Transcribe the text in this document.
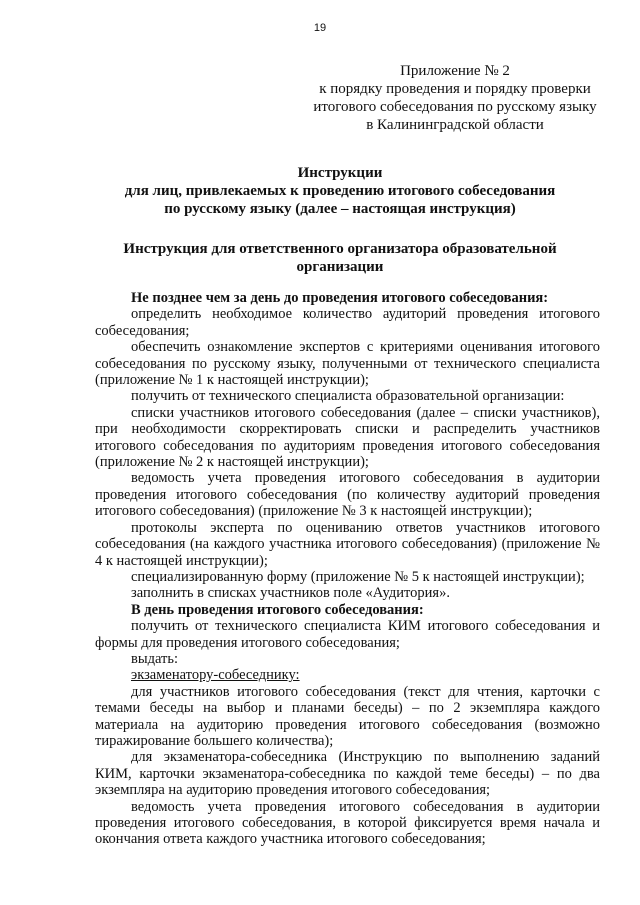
19
Приложение № 2
к порядку проведения и порядку проверки
итогового собеседования по русскому языку
в Калининградской области
Инструкции
для лиц, привлекаемых к проведению итогового собеседования
по русскому языку (далее – настоящая инструкция)
Инструкция для ответственного организатора образовательной
организации

Не позднее чем за день до проведения итогового собеседования:

определить необходимое количество аудиторий проведения итогового собеседования;

обеспечить ознакомление экспертов с критериями оценивания итогового собеседования по русскому языку, полученными от технического специалиста (приложение № 1 к настоящей инструкции);

получить от технического специалиста образовательной организации:

списки участников итогового собеседования (далее – списки участников), при необходимости скорректировать списки и распределить участников итогового собеседования по аудиториям проведения итогового собеседования (приложение № 2 к настоящей инструкции);

ведомость учета проведения итогового собеседования в аудитории проведения итогового собеседования (по количеству аудиторий проведения итогового собеседования) (приложение № 3 к настоящей инструкции);

протоколы эксперта по оцениванию ответов участников итогового собеседования (на каждого участника итогового собеседования) (приложение № 4 к настоящей инструкции);

специализированную форму (приложение № 5 к настоящей инструкции);

заполнить в списках участников поле «Аудитория».

В день проведения итогового собеседования:

получить от технического специалиста КИМ итогового собеседования и формы для проведения итогового собеседования;

выдать:

экзаменатору-собеседнику:

для участников итогового собеседования (текст для чтения, карточки с темами беседы на выбор и планами беседы) – по 2 экземпляра каждого материала на аудиторию проведения итогового собеседования (возможно тиражирование большего количества);

для экзаменатора-собеседника (Инструкцию по выполнению заданий КИМ, карточки экзаменатора-собеседника по каждой теме беседы) – по два экземпляра на аудиторию проведения итогового собеседования;

ведомость учета проведения итогового собеседования в аудитории проведения итогового собеседования, в которой фиксируется время начала и окончания ответа каждого участника итогового собеседования;
